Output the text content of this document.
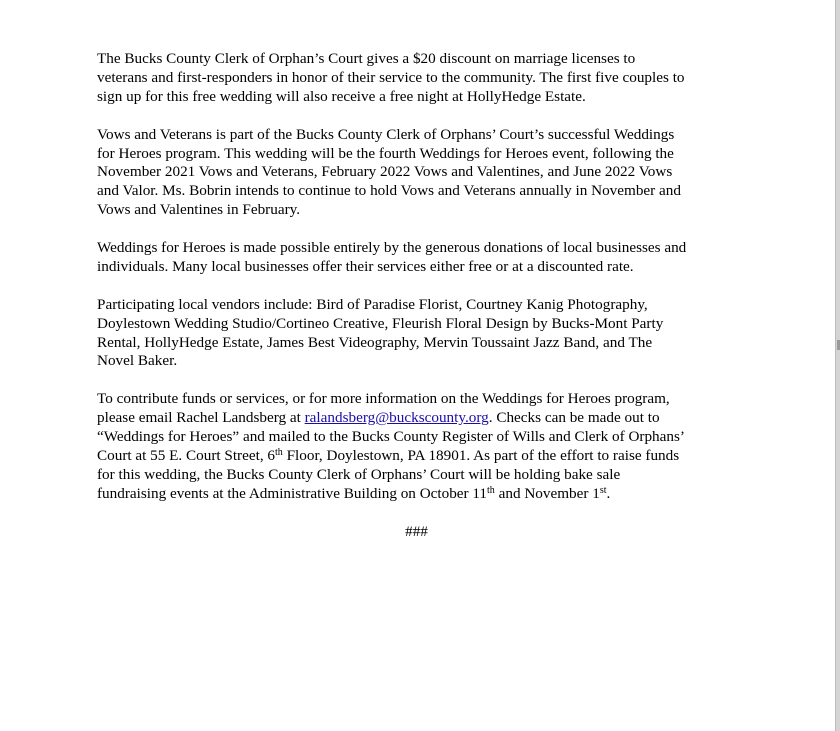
The Bucks County Clerk of Orphan’s Court gives a $20 discount on marriage licenses to
veterans and first-responders in honor of their service to the community. The first five couples to
sign up for this free wedding will also receive a free night at HollyHedge Estate.

Vows and Veterans is part of the Bucks County Clerk of Orphans’ Court’s successful Weddings
for Heroes program. This wedding will be the fourth Weddings for Heroes event, following the
November 2021 Vows and Veterans, February 2022 Vows and Valentines, and June 2022 Vows
and Valor. Ms. Bobrin intends to continue to hold Vows and Veterans annually in November and
Vows and Valentines in February.

Weddings for Heroes is made possible entirely by the generous donations of local businesses and
individuals. Many local businesses offer their services either free or at a discounted rate.

Participating local vendors include: Bird of Paradise Florist, Courtney Kanig Photography,
Doylestown Wedding Studio/Cortineo Creative, Fleurish Floral Design by Bucks-Mont Party
Rental, HollyHedge Estate, James Best Videography, Mervin Toussaint Jazz Band, and The
Novel Baker.

To contribute funds or services, or for more information on the Weddings for Heroes program,
please email Rachel Landsberg at ralandsberg@buckscounty.org. Checks can be made out to
“Weddings for Heroes” and mailed to the Bucks County Register of Wills and Clerk of Orphans’
Court at 55 E. Court Street, 6th Floor, Doylestown, PA 18901. As part of the effort to raise funds
for this wedding, the Bucks County Clerk of Orphans’ Court will be holding bake sale
fundraising events at the Administrative Building on October 11th and November 1st.

###
